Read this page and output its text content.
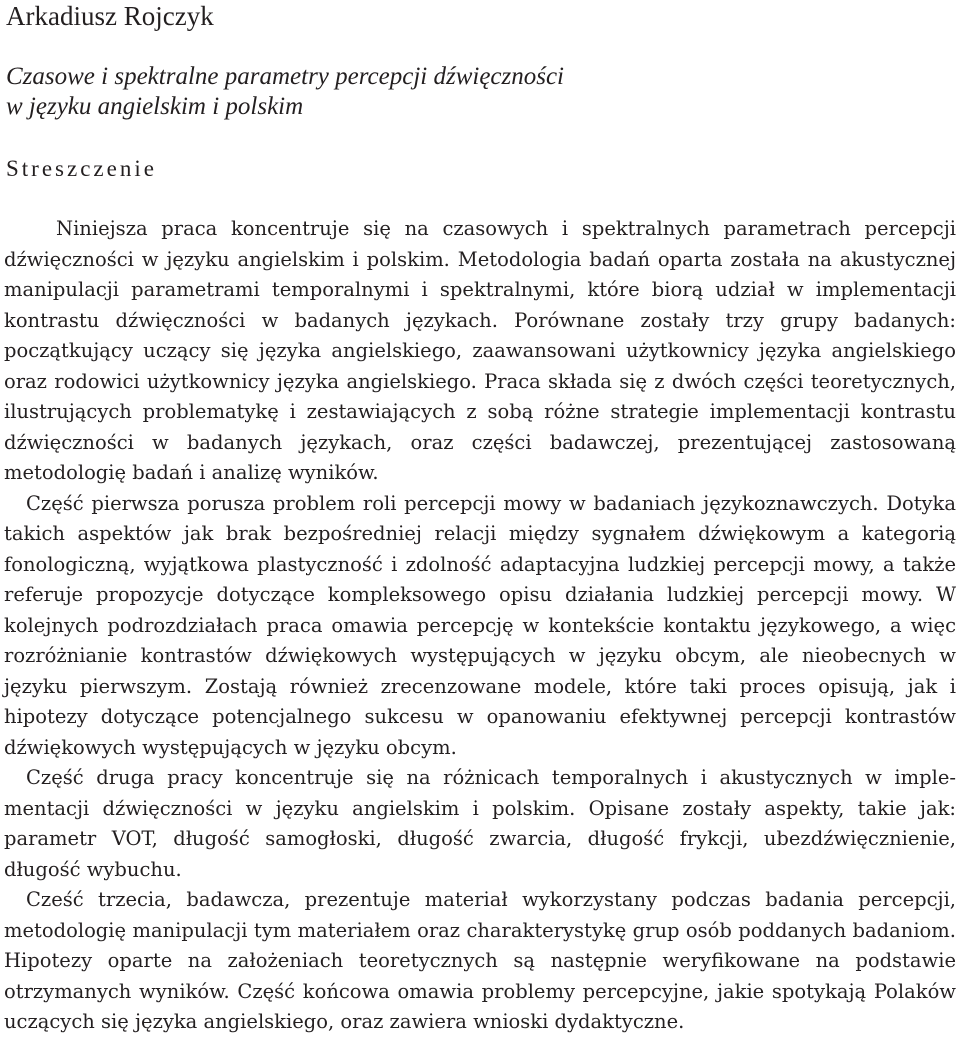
Arkadiusz Rojczyk
Czasowe i spektralne parametry percepcji dźwięczności
w języku angielskim i polskim
Streszczenie

Niniejsza praca koncentruje się na czasowych i spektralnych parametrach percepcji dźwięczności w języku angielskim i polskim. Metodologia badań oparta została na akustycznej manipulacji parametrami temporalnymi i spektralnymi, które biorą udział w implementacji kontrastu dźwięczności w badanych językach. Porównane zostały trzy grupy badanych: początkujący uczący się języka angielskiego, zaawansowani użytkownicy języka angielskiego oraz rodowici użytkownicy języka angielskiego. Praca składa się z dwóch części teoretycznych, ilustrujących problematykę i zestawiających z sobą różne strategie implementacji kontrastu dźwięczności w badanych językach, oraz części badawczej, prezentującej zastosowaną metodologię badań i analizę wyników.

Część pierwsza porusza problem roli percepcji mowy w badaniach językoznawczych. Dotyka takich aspektów jak brak bezpośredniej relacji między sygnałem dźwiękowym a kategorią fonologiczną, wyjątkowa plastyczność i zdolność adaptacyjna ludzkiej percepcji mowy, a także referuje propozycje dotyczące kompleksowego opisu działania ludzkiej percepcji mowy. W kolejnych podrozdziałach praca omawia percepcję w kontekście kontaktu językowego, a więc rozróżnianie kontrastów dźwiękowych występujących w języku obcym, ale nieobecnych w języku pierwszym. Zostają również zrecenzowane modele, które taki proces opisują, jak i hipotezy dotyczące potencjalnego sukcesu w opanowaniu efektywnej percepcji kontrastów dźwiękowych występujących w języku obcym.

Część druga pracy koncentruje się na różnicach temporalnych i akustycznych w implementacji dźwięczności w języku angielskim i polskim. Opisane zostały aspekty, takie jak: parametr VOT, długość samogłoski, długość zwarcia, długość frykcji, ubezdźwięcznienie, długość wybuchu.

Cześć trzecia, badawcza, prezentuje materiał wykorzystany podczas badania percepcji, metodologię manipulacji tym materiałem oraz charakterystykę grup osób poddanych badaniom. Hipotezy oparte na założeniach teoretycznych są następnie weryfikowane na podstawie otrzymanych wyników. Część końcowa omawia problemy percepcyjne, jakie spotykają Polaków uczących się języka angielskiego, oraz zawiera wnioski dydaktyczne.
